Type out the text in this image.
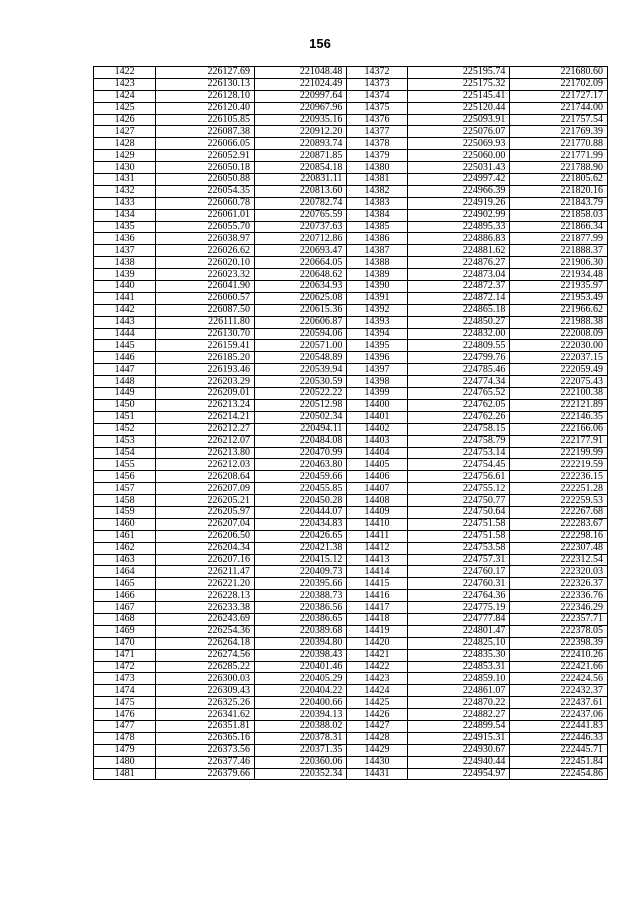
156
1422	226127.69	221048.48	14372	225195.74	221680.60
1423	226130.13	221024.49	14373	225175.32	221702.09
1424	226128.10	220997.64	14374	225145.41	221727.17
1425	226120.40	220967.96	14375	225120.44	221744.00
1426	226105.85	220935.16	14376	225093.91	221757.54
1427	226087.38	220912.20	14377	225076.07	221769.39
1428	226066.05	220893.74	14378	225069.93	221770.88
1429	226052.91	220871.85	14379	225060.00	221771.99
1430	226050.18	220854.18	14380	225031.43	221788.90
1431	226050.88	220831.11	14381	224997.42	221805.62
1432	226054.35	220813.60	14382	224966.39	221820.16
1433	226060.78	220782.74	14383	224919.26	221843.79
1434	226061.01	220765.59	14384	224902.99	221858.03
1435	226055.70	220737.63	14385	224895.33	221866.34
1436	226038.97	220712.86	14386	224886.83	221877.99
1437	226026.62	220693.47	14387	224881.62	221888.37
1438	226020.10	220664.05	14388	224876.27	221906.30
1439	226023.32	220648.62	14389	224873.04	221934.48
1440	226041.90	220634.93	14390	224872.37	221935.97
1441	226060.57	220625.08	14391	224872.14	221953.49
1442	226087.50	220615.36	14392	224865.18	221966.62
1443	226111.80	220606.87	14393	224850.27	221988.38
1444	226130.70	220594.06	14394	224832.00	222008.09
1445	226159.41	220571.00	14395	224809.55	222030.00
1446	226185.20	220548.89	14396	224799.76	222037.15
1447	226193.46	220539.94	14397	224785.46	222059.49
1448	226203.29	220530.59	14398	224774.34	222075.43
1449	226209.01	220522.22	14399	224765.52	222100.38
1450	226213.24	220512.98	14400	224762.05	222121.89
1451	226214.21	220502.34	14401	224762.26	222146.35
1452	226212.27	220494.11	14402	224758.15	222166.06
1453	226212.07	220484.08	14403	224758.79	222177.91
1454	226213.80	220470.99	14404	224753.14	222199.99
1455	226212.03	220463.80	14405	224754.45	222219.59
1456	226208.64	220459.66	14406	224756.61	222236.15
1457	226207.09	220455.85	14407	224755.12	222251.28
1458	226205.21	220450.28	14408	224750.77	222259.53
1459	226205.97	220444.07	14409	224750.64	222267.68
1460	226207.04	220434.83	14410	224751.58	222283.67
1461	226206.50	220426.65	14411	224751.58	222298.16
1462	226204.34	220421.38	14412	224753.58	222307.48
1463	226207.16	220415.12	14413	224757.31	222312.54
1464	226211.47	220409.73	14414	224760.17	222320.03
1465	226221.20	220395.66	14415	224760.31	222326.37
1466	226228.13	220388.73	14416	224764.36	222336.76
1467	226233.38	220386.56	14417	224775.19	222346.29
1468	226243.69	220386.65	14418	224777.84	222357.71
1469	226254.36	220389.68	14419	224801.47	222378.05
1470	226264.18	220394.80	14420	224825.10	222398.39
1471	226274.56	220398.43	14421	224835.30	222410.26
1472	226285.22	220401.46	14422	224853.31	222421.66
1473	226300.03	220405.29	14423	224859.10	222424.56
1474	226309.43	220404.22	14424	224861.07	222432.37
1475	226325.26	220400.66	14425	224870.22	222437.61
1476	226341.62	220394.13	14426	224882.27	222437.06
1477	226351.81	220388.02	14427	224899.54	222441.83
1478	226365.16	220378.31	14428	224915.31	222446.33
1479	226373.56	220371.35	14429	224930.67	222445.71
1480	226377.46	220360.06	14430	224940.44	222451.84
1481	226379.66	220352.34	14431	224954.97	222454.86
